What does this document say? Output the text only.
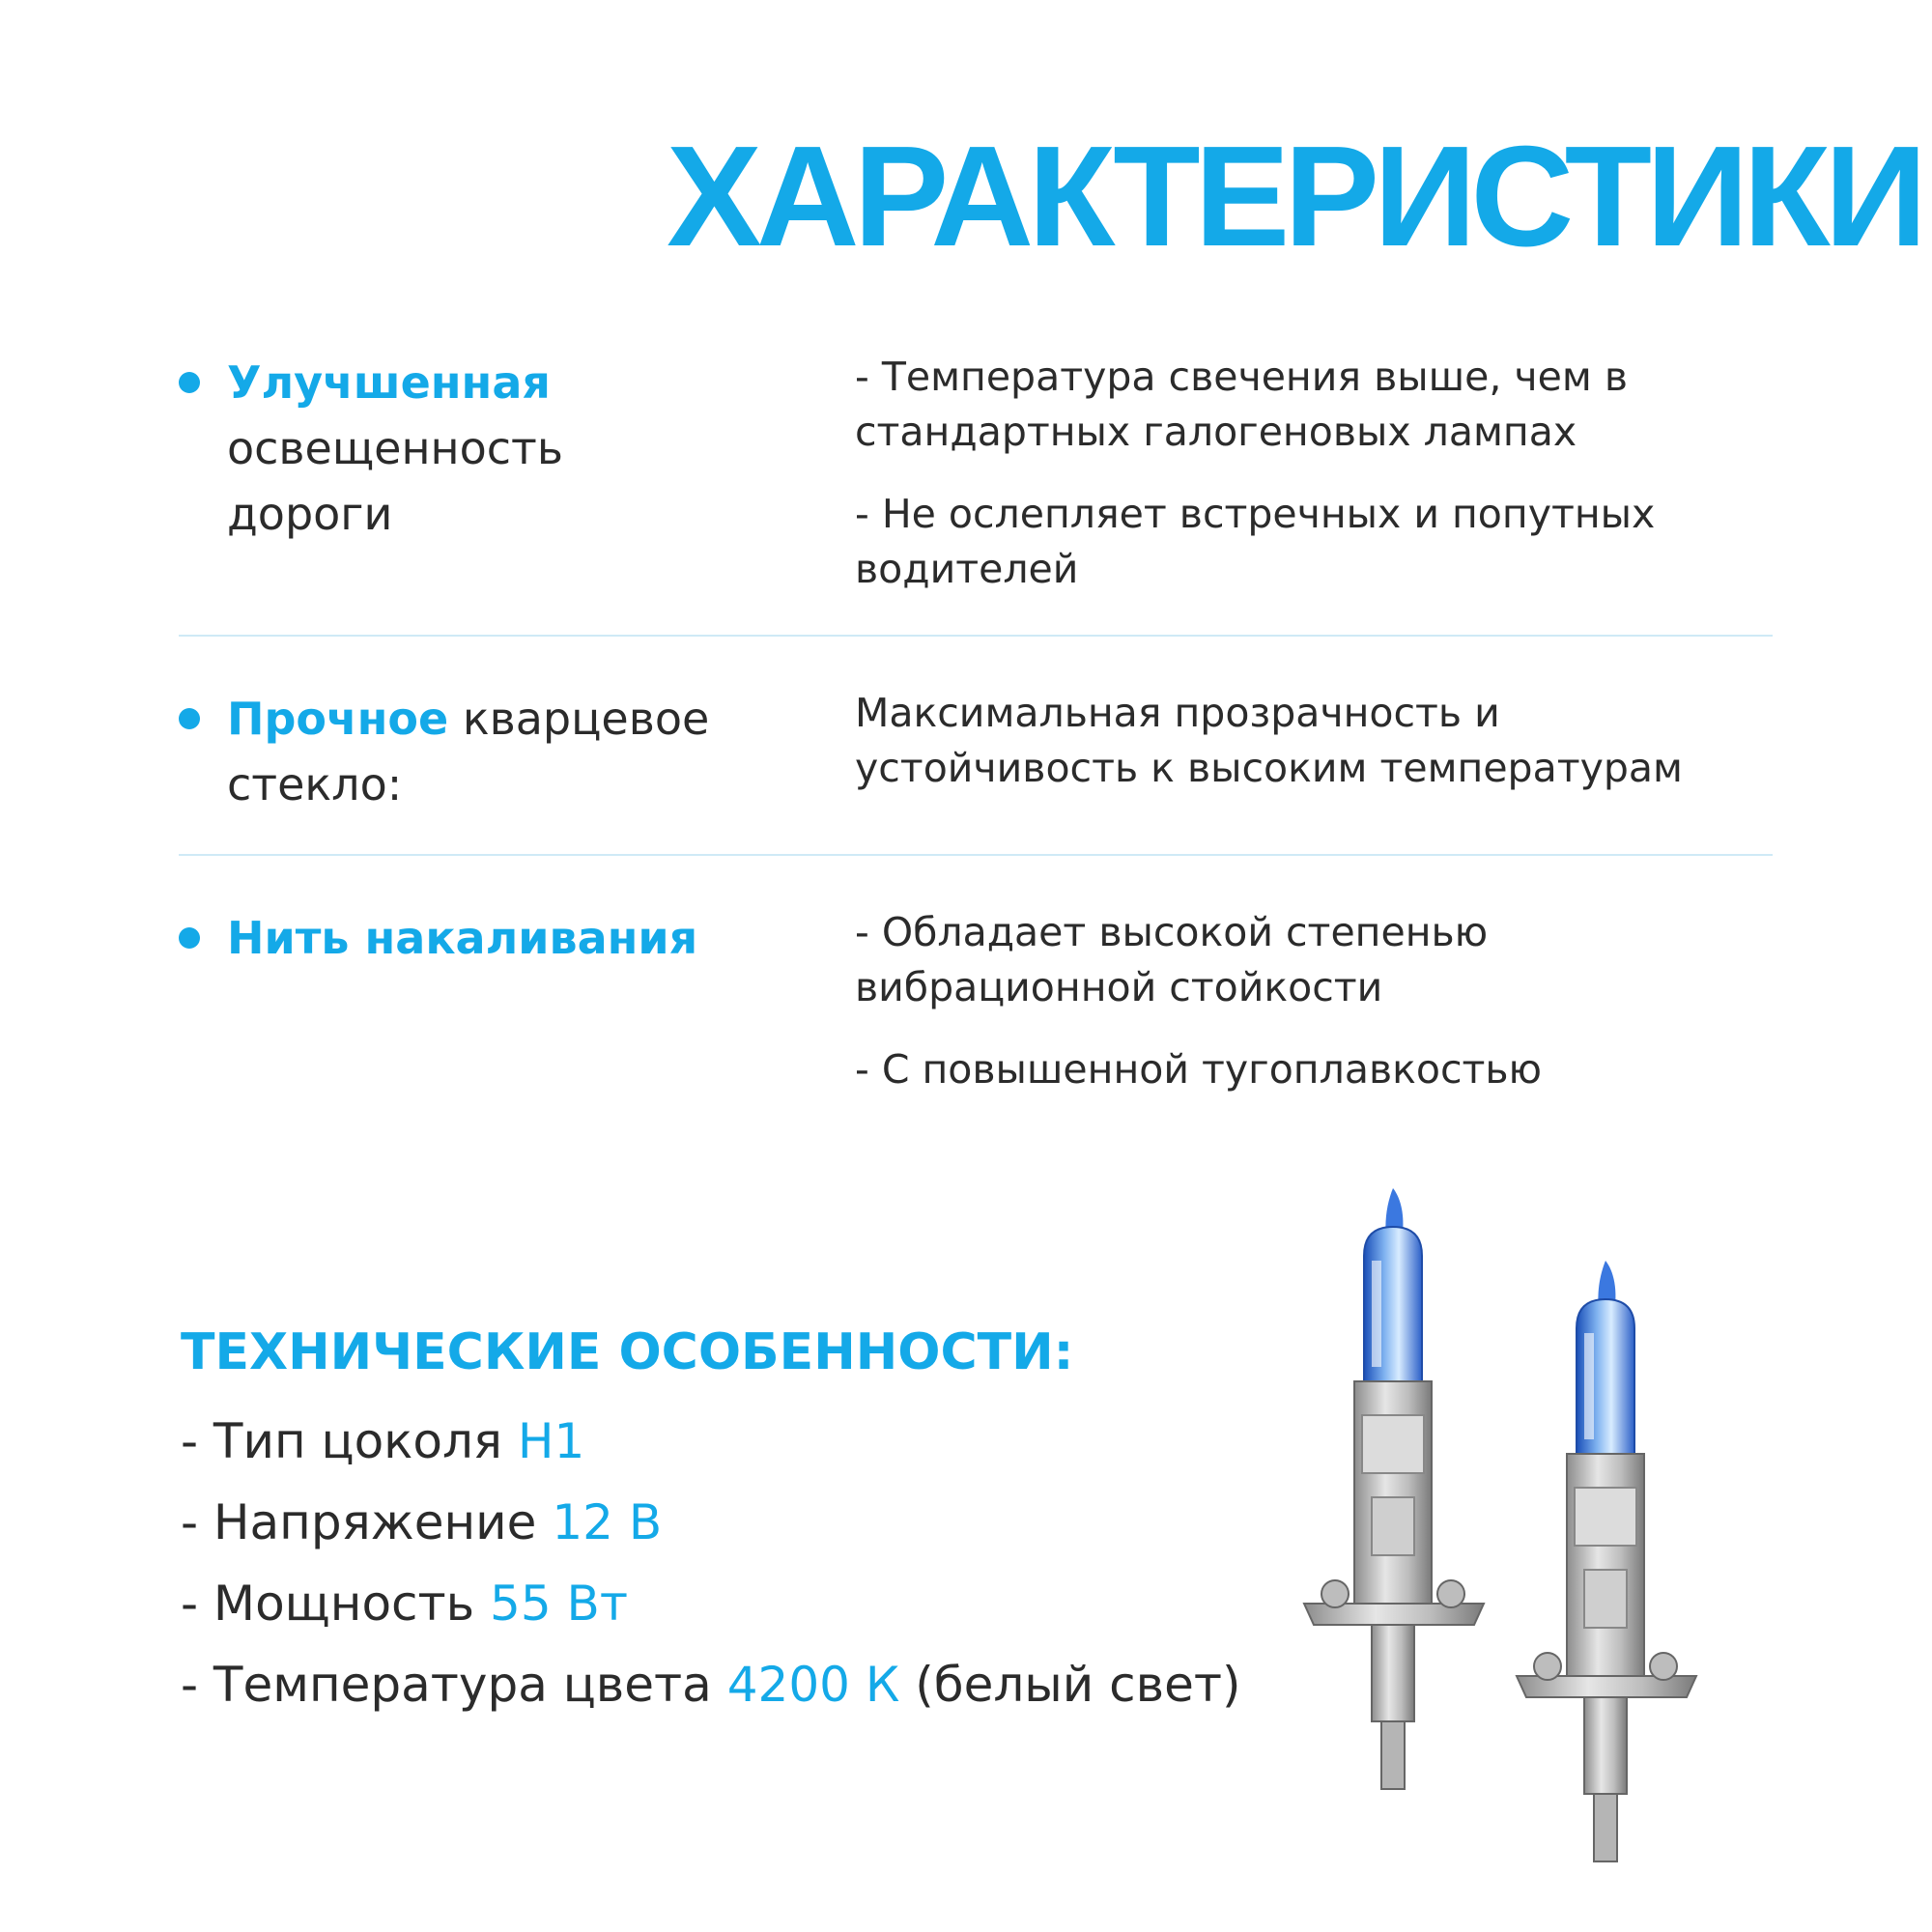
ХАРАКТЕРИСТИКИ
Улучшенная
освещенность
дороги

- Температура свечения выше, чем в стандартных галогеновых лампах

- Не ослепляет встречных и попутных водителей

Прочное кварцевое
стекло:

Максимальная прозрачность и устойчивость к высоким температурам

Нить накаливания	- Обладает высокой степенью вибрационной стойкости

- С повышенной тугоплавкостью

ТЕХНИЧЕСКИЕ ОСОБЕННОСТИ:
- Тип цоколя H1
- Напряжение 12 В
- Мощность 55 Вт
- Температура цвета 4200 К (белый свет)
